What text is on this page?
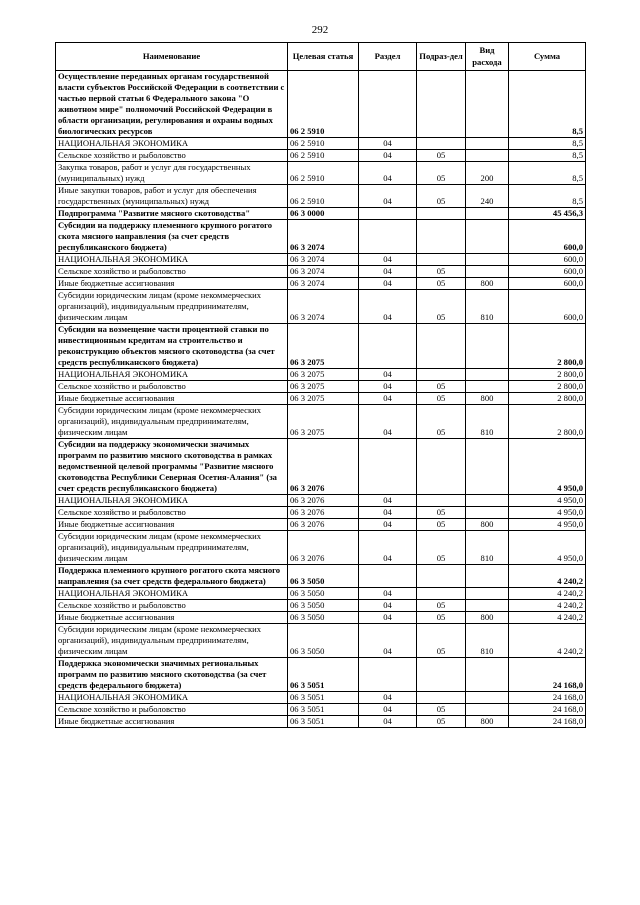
292
Наименование	Целевая статья	Раздел	Подраз-дел	Вид расхода	Сумма
Осуществление переданных органам государственной власти субъектов Российской Федерации в соответствии с частью первой статьи 6 Федерального закона "О животном мире" полномочий Российской Федерации в области организации, регулирования и охраны водных биологических ресурсов	06 2 5910				8,5
НАЦИОНАЛЬНАЯ ЭКОНОМИКА	06 2 5910	04			8,5
Сельское хозяйство и рыболовство	06 2 5910	04	05		8,5
Закупка товаров, работ и услуг для государственных (муниципальных) нужд	06 2 5910	04	05	200	8,5
Иные закупки товаров, работ и услуг для обеспечения государственных (муниципальных) нужд	06 2 5910	04	05	240	8,5
Подпрограмма "Развитие мясного скотоводства"	06 3 0000				45 456,3
Субсидии на поддержку племенного крупного рогатого скота мясного направления (за счет средств республиканского бюджета)	06 3 2074				600,0
НАЦИОНАЛЬНАЯ ЭКОНОМИКА	06 3 2074	04			600,0
Сельское хозяйство и рыболовство	06 3 2074	04	05		600,0
Иные бюджетные ассигнования	06 3 2074	04	05	800	600,0
Субсидии юридическим лицам (кроме некоммерческих организаций), индивидуальным предпринимателям, физическим лицам	06 3 2074	04	05	810	600,0
Субсидии на возмещение части процентной ставки по инвестиционным кредитам на строительство и реконструкцию объектов мясного скотоводства (за счет средств республиканского бюджета)	06 3 2075				2 800,0
НАЦИОНАЛЬНАЯ ЭКОНОМИКА	06 3 2075	04			2 800,0
Сельское хозяйство и рыболовство	06 3 2075	04	05		2 800,0
Иные бюджетные ассигнования	06 3 2075	04	05	800	2 800,0
Субсидии юридическим лицам (кроме некоммерческих организаций), индивидуальным предпринимателям, физическим лицам	06 3 2075	04	05	810	2 800,0
Субсидии на поддержку экономически значимых программ по развитию мясного скотоводства в рамках ведомственной целевой программы "Развитие мясного скотоводства Республики Северная Осетия-Алания" (за счет средств республиканского бюджета)	06 3 2076				4 950,0
НАЦИОНАЛЬНАЯ ЭКОНОМИКА	06 3 2076	04			4 950,0
Сельское хозяйство и рыболовство	06 3 2076	04	05		4 950,0
Иные бюджетные ассигнования	06 3 2076	04	05	800	4 950,0
Субсидии юридическим лицам (кроме некоммерческих организаций), индивидуальным предпринимателям, физическим лицам	06 3 2076	04	05	810	4 950,0
Поддержка племенного крупного рогатого скота мясного направления (за счет средств федерального бюджета)	06 3 5050				4 240,2
НАЦИОНАЛЬНАЯ ЭКОНОМИКА	06 3 5050	04			4 240,2
Сельское хозяйство и рыболовство	06 3 5050	04	05		4 240,2
Иные бюджетные ассигнования	06 3 5050	04	05	800	4 240,2
Субсидии юридическим лицам (кроме некоммерческих организаций), индивидуальным предпринимателям, физическим лицам	06 3 5050	04	05	810	4 240,2
Поддержка экономически значимых региональных программ по развитию мясного скотоводства (за счет средств федерального бюджета)	06 3 5051				24 168,0
НАЦИОНАЛЬНАЯ ЭКОНОМИКА	06 3 5051	04			24 168,0
Сельское хозяйство и рыболовство	06 3 5051	04	05		24 168,0
Иные бюджетные ассигнования	06 3 5051	04	05	800	24 168,0
